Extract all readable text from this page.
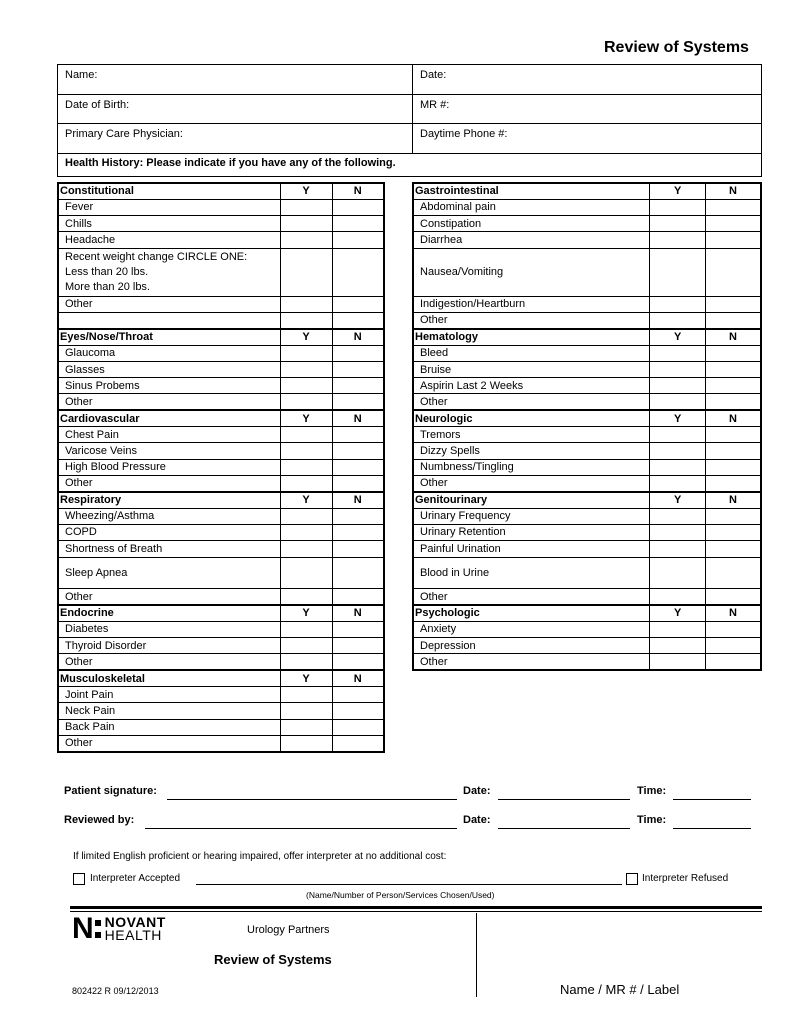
Review of Systems
Name:	Date:
Date of Birth:	MR #:
Primary Care Physician:	Daytime Phone #:
Health History: Please indicate if you have any of the following.
Constitutional	Y	N
Fever		
Chills		
Headache		

Recent weight change CIRCLE ONE:
Less than 20 lbs.
More than 20 lbs.		

Other		

Eyes/Nose/Throat	Y	N
Glaucoma		
Glasses		
Sinus Probems		
Other		
Cardiovascular	Y	N
Chest Pain		
Varicose Veins		
High Blood Pressure		
Other		
Respiratory	Y	N
Wheezing/Asthma		
COPD		
Shortness of Breath		
Sleep Apnea		
Other		
Endocrine	Y	N
Diabetes		
Thyroid Disorder		
Other		
Musculoskeletal	Y	N
Joint Pain		
Neck Pain		
Back Pain		
Other		
Gastrointestinal	Y	N
Abdominal pain		
Constipation		
Diarrhea		
Nausea/Vomiting		
Indigestion/Heartburn		
Other		
Hematology	Y	N
Bleed		
Bruise		
Aspirin Last 2 Weeks		
Other		
Neurologic	Y	N
Tremors		
Dizzy Spells		
Numbness/Tingling		
Other		
Genitourinary	Y	N
Urinary Frequency		
Urinary Retention		
Painful Urination		
Blood in Urine		
Other		
Psychologic	Y	N
Anxiety		
Depression		
Other		
Patient signature:	Date:	Time:
Reviewed by:	Date:	Time:
If limited English proficient or hearing impaired, offer interpreter at no additional cost:
Interpreter Accepted	Interpreter Refused
(Name/Number of Person/Services Chosen/Used)
N NOVANT
HEALTH	Urology Partners
Review of Systems
802422 R 09/12/2013	Name / MR # / Label
